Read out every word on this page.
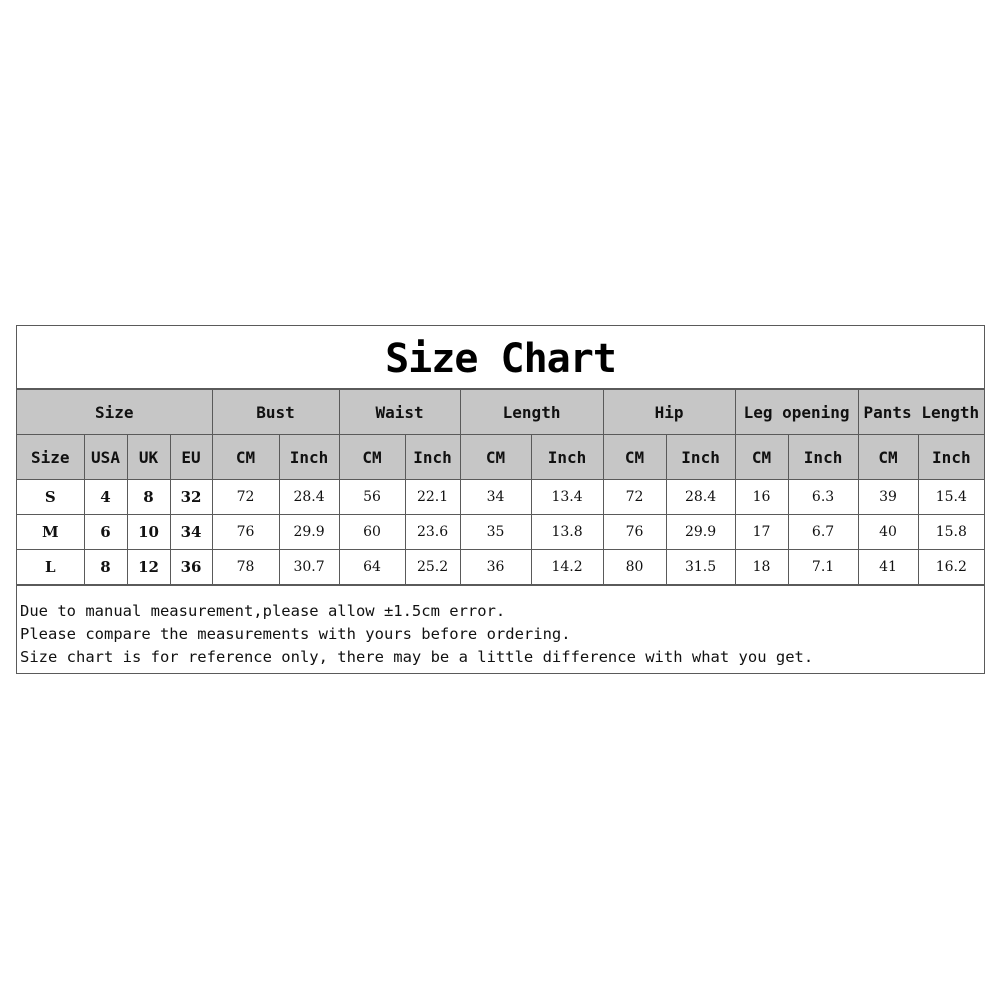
Size Chart
Size				Bust		Waist		Length		Hip		Leg opening		Pants Length	
Size	USA	UK	EU	CM	Inch	CM	Inch	CM	Inch	CM	Inch	CM	Inch	CM	Inch
S	4	8	32	72	28.4	56	22.1	34	13.4	72	28.4	16	6.3	39	15.4
M	6	10	34	76	29.9	60	23.6	35	13.8	76	29.9	17	6.7	40	15.8
L	8	12	36	78	30.7	64	25.2	36	14.2	80	31.5	18	7.1	41	16.2
Due to manual measurement,please allow ±1.5cm error.
Please compare the measurements with yours before ordering.
Size chart is for reference only, there may be a little difference with what you get.
